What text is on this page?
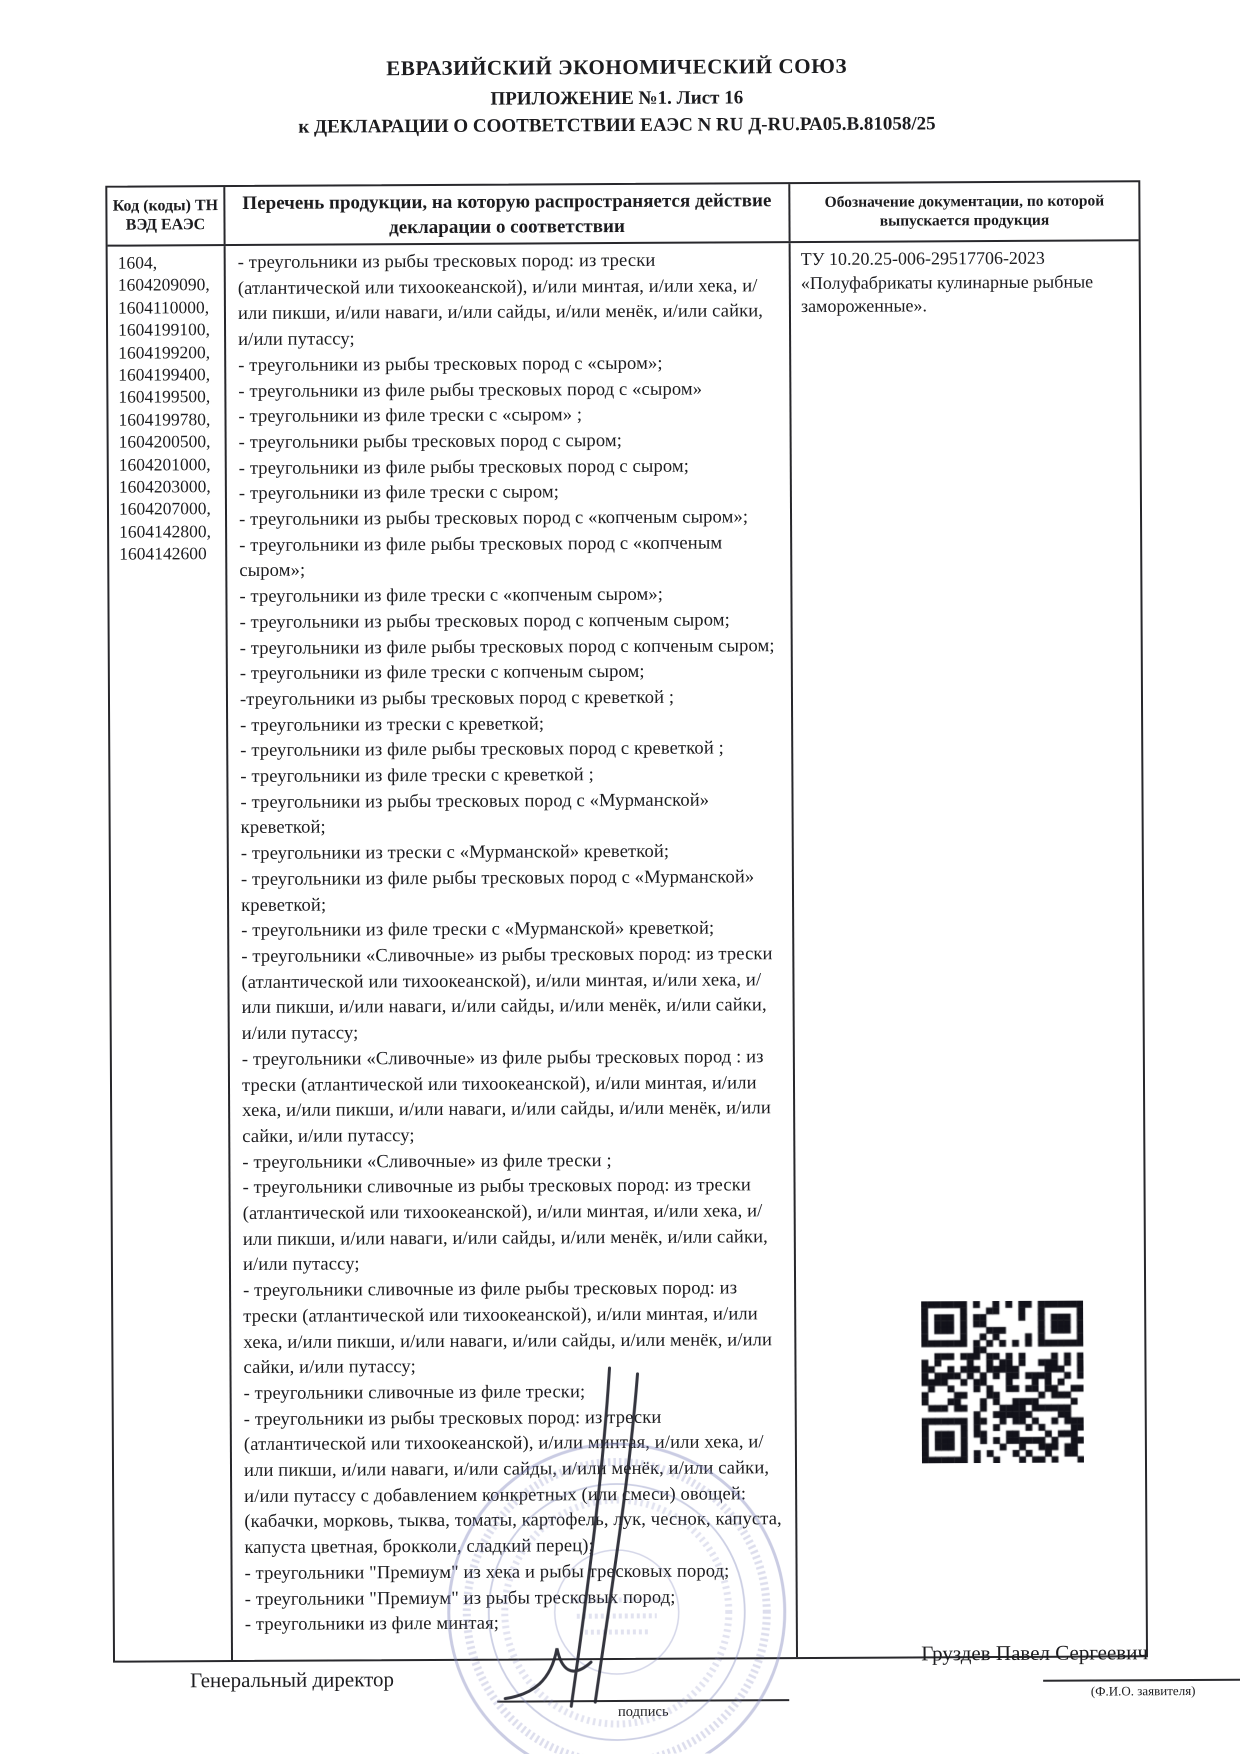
ЕВРАЗИЙСКИЙ ЭКОНОМИЧЕСКИЙ СОЮЗ
ПРИЛОЖЕНИЕ №1. Лист 16
к ДЕКЛАРАЦИИ О СООТВЕТСТВИИ ЕАЭС N RU Д-RU.РА05.В.81058/25
Код (коды) ТН ВЭД ЕАЭС
Перечень продукции, на которую распространяется действие декларации о соответствии
Обозначение документации, по которой выпускается продукция
1604,
1604209090,
1604110000,
1604199100,
1604199200,
1604199400,
1604199500,
1604199780,
1604200500,
1604201000,
1604203000,
1604207000,
1604142800,
1604142600
- треугольники из рыбы тресковых пород: из трески (атлантической или тихоокеанской), и/или минтая, и/или хека, и/или пикши, и/или наваги, и/или сайды, и/или менёк, и/или сайки, и/или путассу;
- треугольники из рыбы тресковых пород с «сыром»;
- треугольники из филе рыбы тресковых пород с «сыром»
- треугольники из филе трески с «сыром» ;
- треугольники рыбы тресковых пород с сыром;
- треугольники из филе рыбы тресковых пород с сыром;
- треугольники из филе трески с сыром;
- треугольники из рыбы тресковых пород с «копченым сыром»;
- треугольники из филе рыбы тресковых пород с «копченым сыром»;
- треугольники из филе трески с «копченым сыром»;
- треугольники из рыбы тресковых пород с копченым сыром;
- треугольники из филе рыбы тресковых пород с копченым сыром;
- треугольники из филе трески с копченым сыром;
-треугольники из рыбы тресковых пород с креветкой ;
- треугольники из трески с креветкой;
- треугольники из филе рыбы тресковых пород с креветкой ;
- треугольники из филе трески с креветкой ;
- треугольники из рыбы тресковых пород с «Мурманской» креветкой;
- треугольники из трески с «Мурманской» креветкой;
- треугольники из филе рыбы тресковых пород с «Мурманской» креветкой;
- треугольники из филе трески с «Мурманской» креветкой;
- треугольники «Сливочные» из рыбы тресковых пород: из трески (атлантической или тихоокеанской), и/или минтая, и/или хека, и/или пикши, и/или наваги, и/или сайды, и/или менёк, и/или сайки, и/или путассу;
- треугольники «Сливочные» из филе рыбы тресковых пород : из трески (атлантической или тихоокеанской), и/или минтая, и/или хека, и/или пикши, и/или наваги, и/или сайды, и/или менёк, и/или сайки, и/или путассу;
- треугольники «Сливочные» из филе трески ;
- треугольники сливочные из рыбы тресковых пород: из трески (атлантической или тихоокеанской), и/или минтая, и/или хека, и/или пикши, и/или наваги, и/или сайды, и/или менёк, и/или сайки, и/или путассу;
- треугольники сливочные из филе рыбы тресковых пород: из трески (атлантической или тихоокеанской), и/или минтая, и/или хека, и/или пикши, и/или наваги, и/или сайды, и/или менёк, и/или сайки, и/или путассу;
- треугольники сливочные из филе трески;
- треугольники из рыбы тресковых пород: из трески (атлантической или тихоокеанской), и/или минтая, и/или хека, и/или пикши, и/или наваги, и/или сайды, и/или менёк, и/или сайки, и/или путассу с добавлением конкретных (или смеси) овощей: (кабачки, морковь, тыква, томаты, картофель, лук, чеснок, капуста, капуста цветная, брокколи, сладкий перец);
- треугольники "Премиум" из хека и рыбы тресковых пород;
- треугольники "Премиум" из рыбы тресковых пород;
- треугольники из филе минтая;
ТУ 10.20.25-006-29517706-2023 «Полуфабрикаты кулинарные рыбные замороженные».
Генеральный директор
подпись
Груздев Павел Сергеевич
(Ф.И.О. заявителя)
